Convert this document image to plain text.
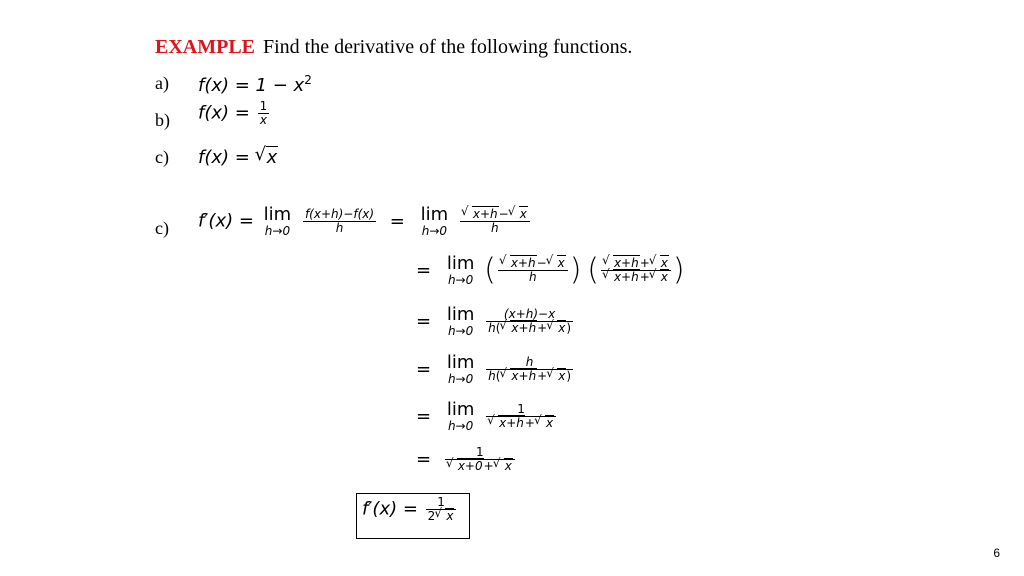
EXAMPLE Find the derivative of the following functions.
a) $f(x) = 1 - x^2$
b) $f(x) = \frac{1}{x}$
c) f(x) = √ x
c) f′(x) = lim
h→0
$\frac{f(x+h)-f(x)}{h} = \lim$
h→0
√ $\frac{x+h- √ x}{h}$
= lim
h→0 ( √ $\frac{x+h- √ x}{h}$ ) ( √ x+h+ √ x
√ x+h+ √ x )
= lim
h→0
$\frac{(x+h)-x}{h( √ x+h+ √ x)}$
= lim
h→0
$\frac{h}{h( √ x+h+ √ x)}$
= lim
h→0
1
√ x+h+ √ x
= 1
√ x+0+ √ x
$f'(x) = \frac{1}{2 √ x}$
6
